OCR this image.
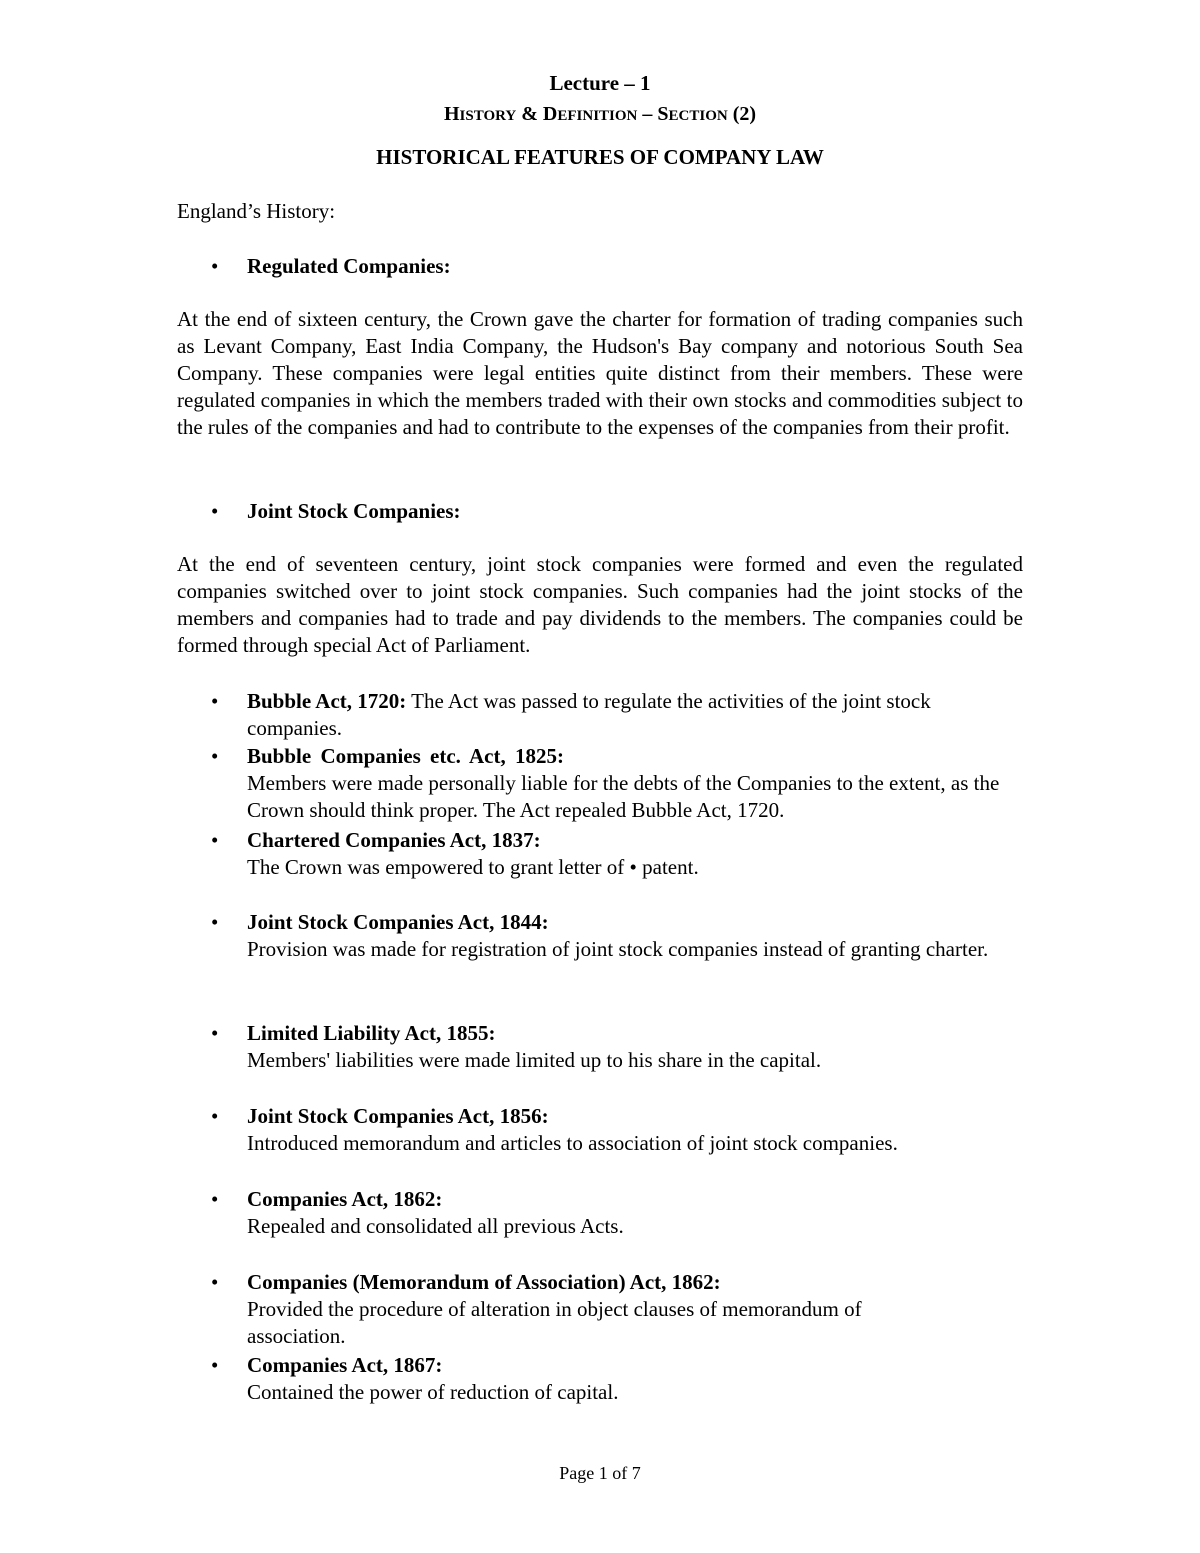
Lecture – 1
HISTORY & DEFINITION – SECTION (2)
HISTORICAL FEATURES OF COMPANY LAW
England’s History:
• Regulated Companies:
At the end of sixteen century, the Crown gave the charter for formation of trading companies such as Levant Company, East India Company, the Hudson's Bay company and notorious South Sea Company. These companies were legal entities quite distinct from their members. These were regulated companies in which the members traded with their own stocks and commodities subject to the rules of the companies and had to contribute to the expenses of the companies from their profit.
• Joint Stock Companies:
At the end of seventeen century, joint stock companies were formed and even the regulated companies switched over to joint stock companies. Such companies had the joint stocks of the members and companies had to trade and pay dividends to the members. The companies could be formed through special Act of Parliament.
• Bubble Act, 1720: The Act was passed to regulate the activities of the joint stock companies.
• Bubble Companies etc. Act, 1825:
Members were made personally liable for the debts of the Companies to the extent, as the Crown should think proper. The Act repealed Bubble Act, 1720.
• Chartered Companies Act, 1837:
The Crown was empowered to grant letter of • patent.
• Joint Stock Companies Act, 1844:
Provision was made for registration of joint stock companies instead of granting charter.
• Limited Liability Act, 1855:
Members' liabilities were made limited up to his share in the capital.
• Joint Stock Companies Act, 1856:
Introduced memorandum and articles to association of joint stock companies.
• Companies Act, 1862:
Repealed and consolidated all previous Acts.
• Companies (Memorandum of Association) Act, 1862:
Provided the procedure of alteration in object clauses of memorandum of association.
• Companies Act, 1867:
Contained the power of reduction of capital.
Page 1 of 7
